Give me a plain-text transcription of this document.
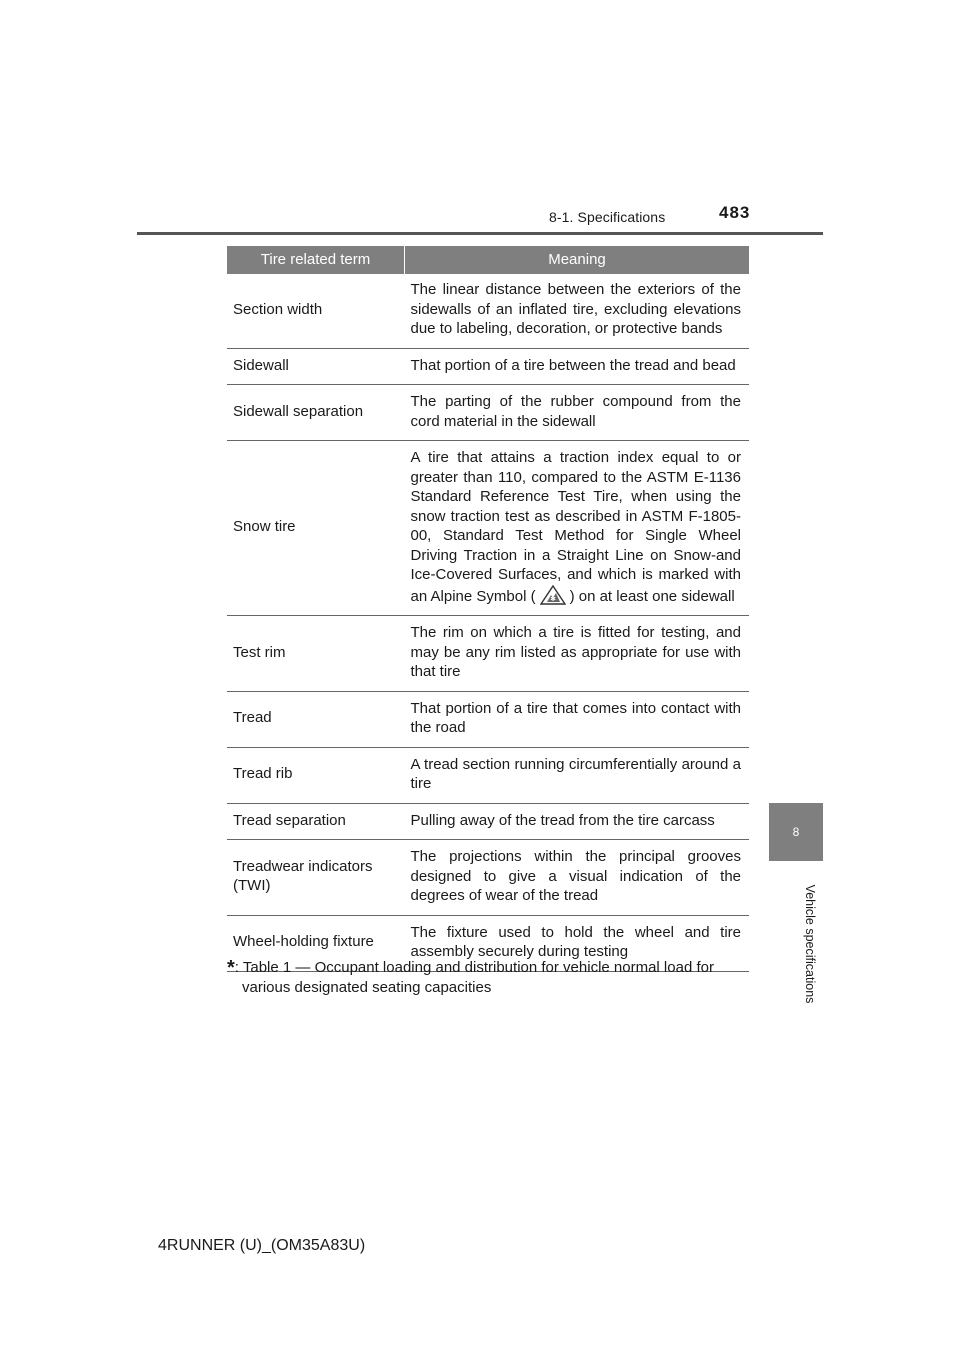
8-1. Specifications	483
8
Vehicle specifications
Tire related term	Meaning
Section width	The linear distance between the exteriors of the sidewalls of an inflated tire, excluding elevations due to labeling, decoration, or protective bands
Sidewall	That portion of a tire between the tread and bead
Sidewall separation	The parting of the rubber compound from the cord material in the sidewall
Snow tire	A tire that attains a traction index equal to or greater than 110, compared to the ASTM E-1136 Standard Reference Test Tire, when using the snow traction test as described in ASTM F-1805-00, Standard Test Method for Single Wheel Driving Traction in a Straight Line on Snow-and Ice-Covered Surfaces, and which is marked with an Alpine Symbol ( ✱ ) on at least one sidewall
Test rim	The rim on which a tire is fitted for testing, and may be any rim listed as appropriate for use with that tire
Tread	That portion of a tire that comes into contact with the road
Tread rib	A tread section running circumferentially around a tire
Tread separation	Pulling away of the tread from the tire carcass
Treadwear indicators (TWI)	The projections within the principal grooves designed to give a visual indication of the degrees of wear of the tread
Wheel-holding fixture	The fixture used to hold the wheel and tire assembly securely during testing
*: Table 1 — Occupant loading and distribution for vehicle normal load for
various designated seating capacities
4RUNNER (U)_(OM35A83U)
